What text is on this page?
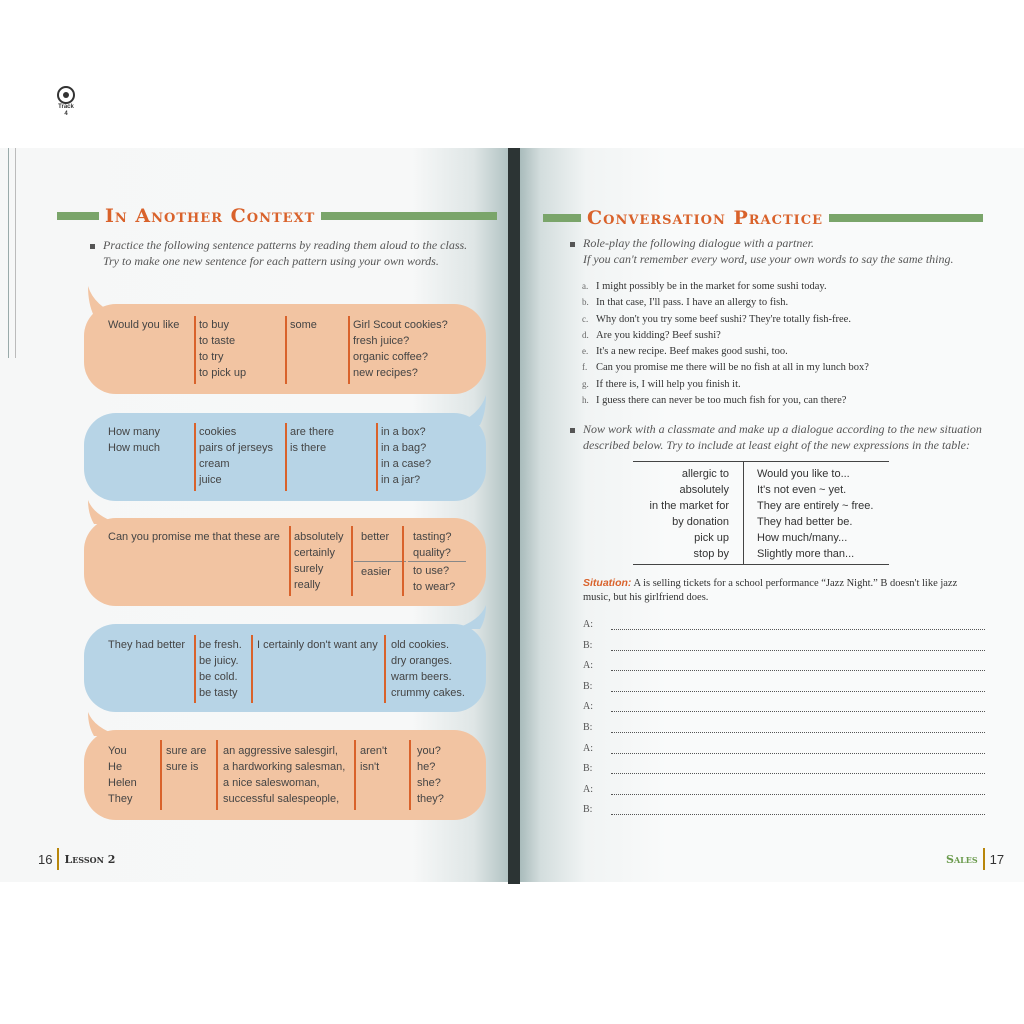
In Another Context
Track
4
Practice the following sentence patterns by reading them aloud to the class.
Try to make one new sentence for each pattern using your own words.
Would you like to buy
to taste
to try
to pick up
some	Girl Scout cookies?
fresh juice?
organic coffee?
new recipes?
How many
How much
cookies
pairs of jerseys
cream
juice
are there
is there
in a box?
in a bag?
in a case?
in a jar?
Can you promise me that these are absolutely
certainly
surely
really
better
easier
tasting?
quality?
to use?
to wear?
They had better be fresh.
be juicy.
be cold.
be tasty
I certainly don't want any old cookies.
dry oranges.
warm beers.
crummy cakes.
You
He
Helen
They
sure are
sure is
an aggressive salesgirl,
a hardworking salesman,
a nice saleswoman,
successful salespeople,
aren't
isn't
you?
he?
she?
they?
16 Lesson 2
Conversation Practice
Role-play the following dialogue with a partner.
If you can't remember every word, use your own words to say the same thing.
a. I might possibly be in the market for some sushi today.
b. In that case, I'll pass. I have an allergy to fish.
c. Why don't you try some beef sushi? They're totally fish-free.
d. Are you kidding? Beef sushi?
e. It's a new recipe. Beef makes good sushi, too.
f. Can you promise me there will be no fish at all in my lunch box?
g. If there is, I will help you finish it.
h. I guess there can never be too much fish for you, can there?
Now work with a classmate and make up a dialogue according to the new situation
described below. Try to include at least eight of the new expressions in the table:
allergic to
absolutely
in the market for
by donation
pick up
stop by
Would you like to...
It's not even ~ yet.
They are entirely ~ free.
They had better be.
How much/many...
Slightly more than...
Situation: A is selling tickets for a school performance “Jazz Night.” B doesn't like jazz
music, but his girlfriend does.
A:
B:
A:
B:
A:
B:
A:
B:
A:
B:
Sales 17
